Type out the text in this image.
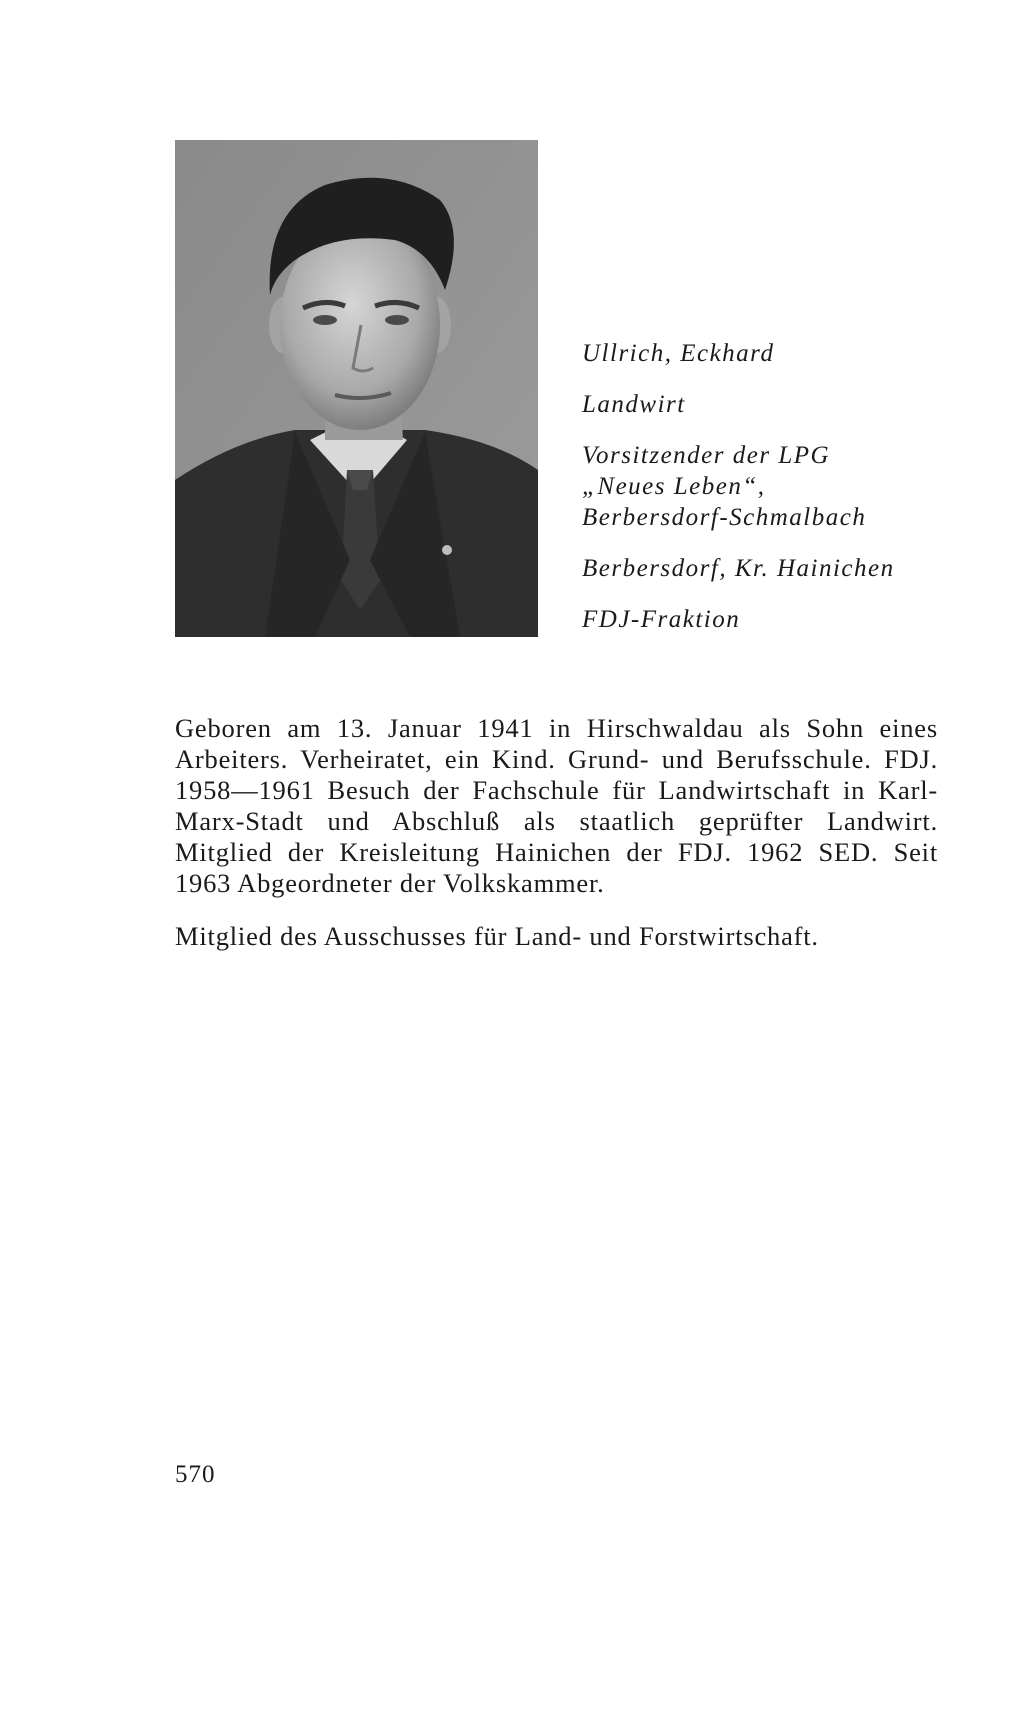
Ullrich, Eckhard
Landwirt
Vorsitzender der LPG
„Neues Leben“,
Berbersdorf-Schmalbach
Berbersdorf, Kr. Hainichen
FDJ-Fraktion

Geboren am 13. Januar 1941 in Hirschwaldau als Sohn eines Arbeiters. Verheiratet, ein Kind. Grund- und Berufsschule. FDJ. 1958—1961 Besuch der Fachschule für Landwirtschaft in Karl-Marx-Stadt und Abschluß als staatlich geprüfter Landwirt. Mitglied der Kreisleitung Hainichen der FDJ. 1962 SED. Seit 1963 Abgeordneter der Volkskammer.

Mitglied des Ausschusses für Land- und Forstwirtschaft.

570
